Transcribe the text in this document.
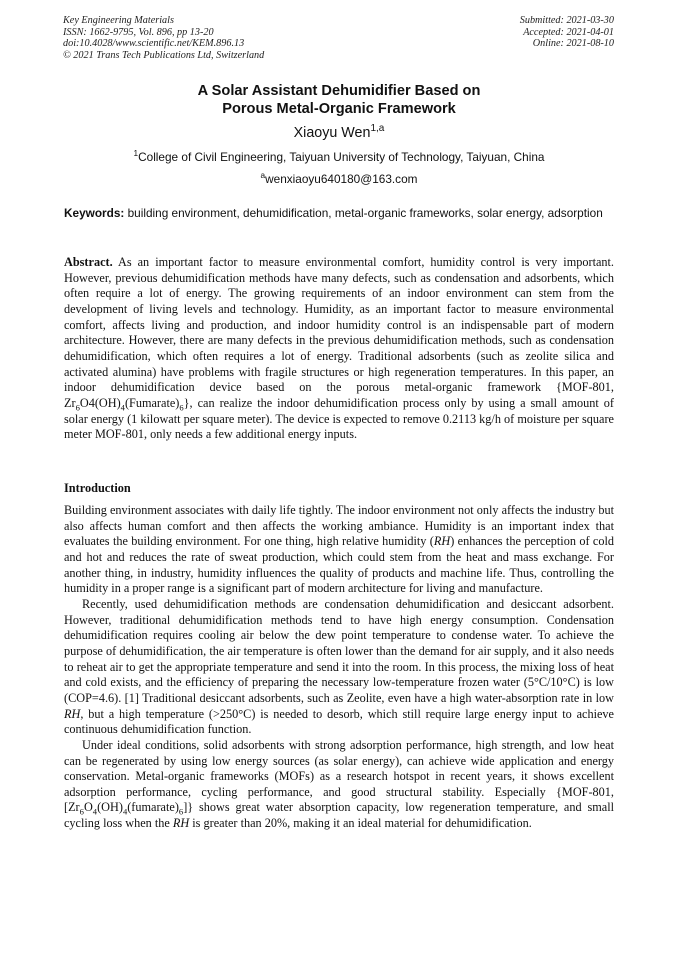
Key Engineering Materials
ISSN: 1662-9795, Vol. 896, pp 13-20
doi:10.4028/www.scientific.net/KEM.896.13
© 2021 Trans Tech Publications Ltd, Switzerland
Submitted: 2021-03-30
Accepted: 2021-04-01
Online: 2021-08-10
A Solar Assistant Dehumidifier Based on
Porous Metal-Organic Framework
Xiaoyu Wen$^{1,a}$
$^1$College of Civil Engineering, Taiyuan University of Technology, Taiyuan, China
$^a$wenxiaoyu640180@163.com
Keywords: building environment, dehumidification, metal-organic frameworks, solar energy, adsorption
Abstract. As an important factor to measure environmental comfort, humidity control is very important. However, previous dehumidification methods have many defects, such as condensation and adsorbents, which often require a lot of energy. The growing requirements of an indoor environment can stem from the development of living levels and technology. Humidity, as an important factor to measure environmental comfort, affects living and production, and indoor humidity control is an indispensable part of modern architecture. However, there are many defects in the previous dehumidification methods, such as condensation dehumidification, which often requires a lot of energy. Traditional adsorbents (such as zeolite silica and activated alumina) have problems with fragile structures or high regeneration temperatures. In this paper, an indoor dehumidification device based on the porous metal-organic framework {MOF-801, $Zr_6O4(OH)_4(Fumarate)_6$}, can realize the indoor dehumidification process only by using a small amount of solar energy (1 kilowatt per square meter). The device is expected to remove 0.2113 kg/h of moisture per square meter MOF-801, only needs a few additional energy inputs.
Introduction

Building environment associates with daily life tightly. The indoor environment not only affects the industry but also affects human comfort and then affects the working ambiance. Humidity is an important index that evaluates the building environment. For one thing, high relative humidity (RH) enhances the perception of cold and hot and reduces the rate of sweat production, which could stem from the heat and mass exchange. For another thing, in industry, humidity influences the quality of products and machine life. Thus, controlling the humidity in a proper range is a significant part of modern architecture for living and manufacture.

Recently, used dehumidification methods are condensation dehumidification and desiccant adsorbent. However, traditional dehumidification methods tend to have high energy consumption. Condensation dehumidification requires cooling air below the dew point temperature to condense water. To achieve the purpose of dehumidification, the air temperature is often lower than the demand for air supply, and it also needs to reheat air to get the appropriate temperature and send it into the room. In this process, the mixing loss of heat and cold exists, and the efficiency of preparing the necessary low-temperature frozen water (5°C/10°C) is low (COP=4.6). [1] Traditional desiccant adsorbents, such as Zeolite, even have a high water-absorption rate in low RH, but a high temperature (>250°C) is needed to desorb, which still require large energy input to achieve continuous dehumidification function.

Under ideal conditions, solid adsorbents with strong adsorption performance, high strength, and low heat can be regenerated by using low energy sources (as solar energy), can achieve wide application and energy conservation. Metal-organic frameworks (MOFs) as a research hotspot in recent years, it shows excellent adsorption performance, cycling performance, and good structural stability. Especially {MOF-801, $[Zr_6O_4(OH)_4(fumarate)_6]$} shows great water absorption capacity, low regeneration temperature, and small cycling loss when the RH is greater than 20%, making it an ideal material for dehumidification.
